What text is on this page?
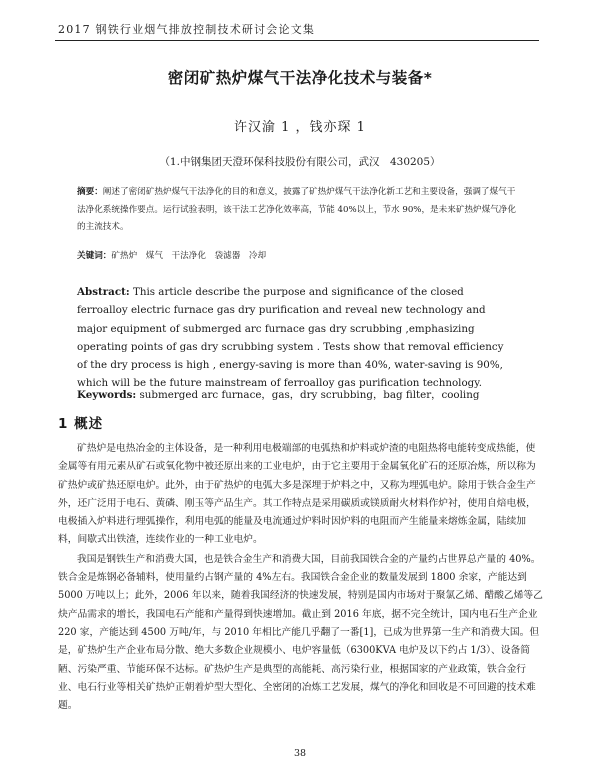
2017 钢铁行业烟气排放控制技术研讨会论文集
密闭矿热炉煤气干法净化技术与装备*
许汉渝 1 ，钱亦琛 1
（1.中钢集团天澄环保科技股份有限公司，武汉　430205）
摘要：阐述了密闭矿热炉煤气干法净化的目的和意义，披露了矿热炉煤气干法净化新工艺和主要设备，强调了煤气干法净化系统操作要点。运行试验表明，该干法工艺净化效率高，节能 40%以上，节水 90%，是未来矿热炉煤气净化的主流技术。
关键词：矿热炉　煤气　干法净化　袋滤器　冷却
Abstract: This article describe the purpose and significance of the closed ferroalloy electric furnace gas dry purification and reveal new technology and major equipment of submerged arc furnace gas dry scrubbing ,emphasizing operating points of gas dry scrubbing system . Tests show that removal efficiency of the dry process is high , energy-saving is more than 40%, water-saving is 90%, which will be the future mainstream of ferroalloy gas purification technology.
Keywords: submerged arc furnace，gas，dry scrubbing，bag filter，cooling
1 概述

矿热炉是电热冶金的主体设备，是一种利用电极端部的电弧热和炉料或炉渣的电阻热将电能转变成热能，使金属等有用元素从矿石或氧化物中被还原出来的工业电炉，由于它主要用于金属氧化矿石的还原冶炼，所以称为矿热炉或矿热还原电炉。此外，由于矿热炉的电弧大多是深埋于炉料之中，又称为埋弧电炉。除用于铁合金生产外，还广泛用于电石、黄磷、刚玉等产品生产。其工作特点是采用碳质或镁质耐火材料作炉衬，使用自焙电极，电极插入炉料进行埋弧操作，利用电弧的能量及电流通过炉料时因炉料的电阻而产生能量来熔炼金属，陆续加料，间歇式出铁渣，连续作业的一种工业电炉。

我国是钢铁生产和消费大国，也是铁合金生产和消费大国，目前我国铁合金的产量约占世界总产量的 40%。铁合金是炼钢必备辅料，使用量约占钢产量的 4%左右。我国铁合金企业的数量发展到 1800 余家，产能达到 5000 万吨以上；此外，2006 年以来，随着我国经济的快速发展，特别是国内市场对于聚氯乙烯、醋酸乙烯等乙炔产品需求的增长，我国电石产能和产量得到快速增加。截止到 2016 年底，据不完全统计，国内电石生产企业 220 家，产能达到 4500 万吨/年，与 2010 年相比产能几乎翻了一番[1]，已成为世界第一生产和消费大国。但是，矿热炉生产企业布局分散、绝大多数企业规模小、电炉容量低（6300KVA 电炉及以下约占 1/3）、设备简陋、污染严重、节能环保不达标。矿热炉生产是典型的高能耗、高污染行业，根据国家的产业政策，铁合金行业、电石行业等相关矿热炉正朝着炉型大型化、全密闭的冶炼工艺发展，煤气的净化和回收是不可回避的技术难题。

38
